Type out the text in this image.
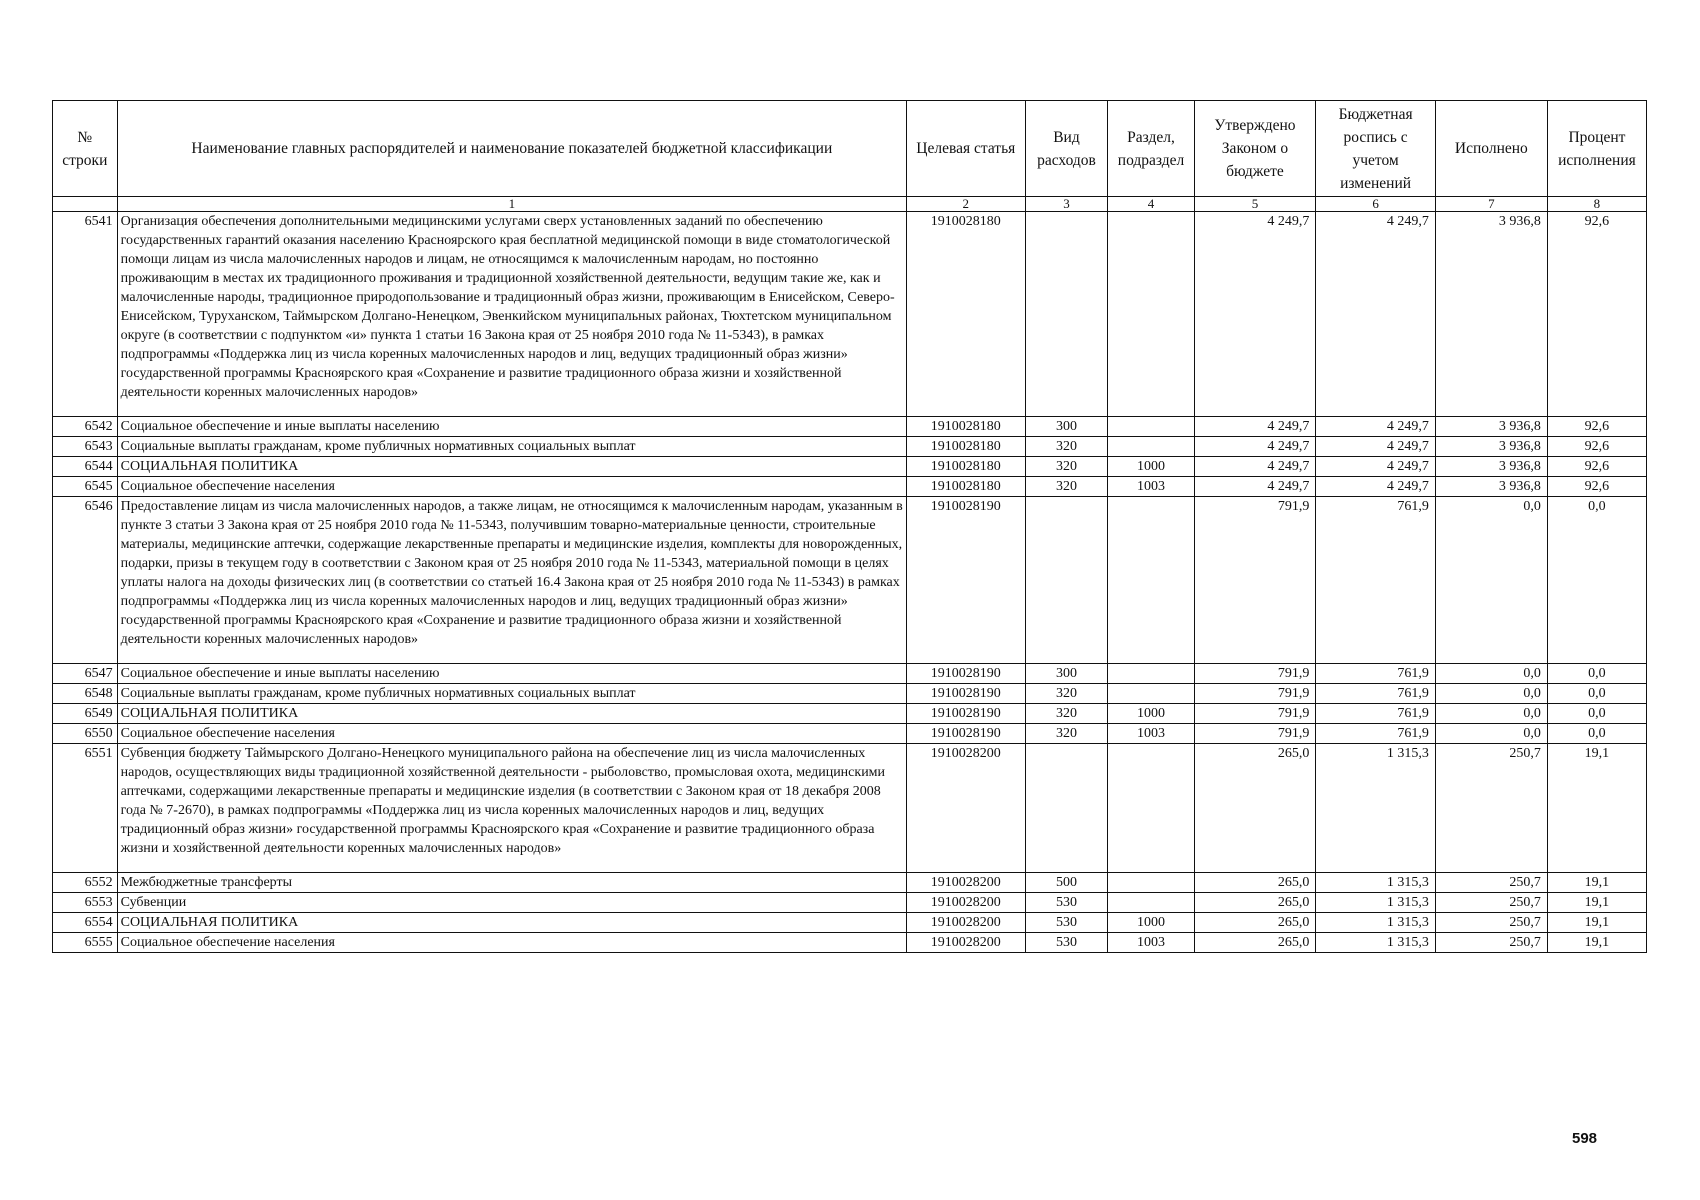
№ строки	Наименование главных распорядителей и наименование показателей бюджетной классификации	Целевая статья	Вид расходов	Раздел, подраздел	Утверждено Законом о бюджете	Бюджетная роспись с учетом изменений	Исполнено	Процент исполнения
	1	2	3	4	5	6	7	8
6541	Организация обеспечения дополнительными медицинскими услугами сверх установленных заданий по обеспечению государственных гарантий оказания населению Красноярского края бесплатной медицинской помощи в виде стоматологической помощи лицам из числа малочисленных народов и лицам, не относящимся к малочисленным народам, но постоянно проживающим в местах их традиционного проживания и традиционной хозяйственной деятельности, ведущим такие же, как и малочисленные народы, традиционное природопользование и традиционный образ жизни, проживающим в Енисейском, Северо-Енисейском, Туруханском, Таймырском Долгано-Ненецком, Эвенкийском муниципальных районах, Тюхтетском муниципальном округе (в соответствии с подпунктом «и» пункта 1 статьи 16 Закона края от 25 ноября 2010 года № 11-5343), в рамках подпрограммы «Поддержка лиц из числа коренных малочисленных народов и лиц, ведущих традиционный образ жизни» государственной программы Красноярского края «Сохранение и развитие традиционного образа жизни и хозяйственной деятельности коренных малочисленных народов»	1910028180			4 249,7	4 249,7	3 936,8	92,6
6542	Социальное обеспечение и иные выплаты населению	1910028180	300		4 249,7	4 249,7	3 936,8	92,6
6543	Социальные выплаты гражданам, кроме публичных нормативных социальных выплат	1910028180	320		4 249,7	4 249,7	3 936,8	92,6
6544	СОЦИАЛЬНАЯ ПОЛИТИКА	1910028180	320	1000	4 249,7	4 249,7	3 936,8	92,6
6545	Социальное обеспечение населения	1910028180	320	1003	4 249,7	4 249,7	3 936,8	92,6
6546	Предоставление лицам из числа малочисленных народов, а также лицам, не относящимся к малочисленным народам, указанным в пункте 3 статьи 3 Закона края от 25 ноября 2010 года № 11-5343, получившим товарно-материальные ценности, строительные материалы, медицинские аптечки, содержащие лекарственные препараты и медицинские изделия, комплекты для новорожденных, подарки, призы в текущем году в соответствии с Законом края от 25 ноября 2010 года № 11-5343, материальной помощи в целях уплаты налога на доходы физических лиц (в соответствии со статьей 16.4 Закона края от 25 ноября 2010 года № 11-5343) в рамках подпрограммы «Поддержка лиц из числа коренных малочисленных народов и лиц, ведущих традиционный образ жизни» государственной программы Красноярского края «Сохранение и развитие традиционного образа жизни и хозяйственной деятельности коренных малочисленных народов»	1910028190			791,9	761,9	0,0	0,0
6547	Социальное обеспечение и иные выплаты населению	1910028190	300		791,9	761,9	0,0	0,0
6548	Социальные выплаты гражданам, кроме публичных нормативных социальных выплат	1910028190	320		791,9	761,9	0,0	0,0
6549	СОЦИАЛЬНАЯ ПОЛИТИКА	1910028190	320	1000	791,9	761,9	0,0	0,0
6550	Социальное обеспечение населения	1910028190	320	1003	791,9	761,9	0,0	0,0
6551	Субвенция бюджету Таймырского Долгано-Ненецкого муниципального района на обеспечение лиц из числа малочисленных народов, осуществляющих виды традиционной хозяйственной деятельности - рыболовство, промысловая охота, медицинскими аптечками, содержащими лекарственные препараты и медицинские изделия (в соответствии с Законом края от 18 декабря 2008 года № 7-2670), в рамках подпрограммы «Поддержка лиц из числа коренных малочисленных народов и лиц, ведущих традиционный образ жизни» государственной программы Красноярского края «Сохранение и развитие традиционного образа жизни и хозяйственной деятельности коренных малочисленных народов»	1910028200			265,0	1 315,3	250,7	19,1
6552	Межбюджетные трансферты	1910028200	500		265,0	1 315,3	250,7	19,1
6553	Субвенции	1910028200	530		265,0	1 315,3	250,7	19,1
6554	СОЦИАЛЬНАЯ ПОЛИТИКА	1910028200	530	1000	265,0	1 315,3	250,7	19,1
6555	Социальное обеспечение населения	1910028200	530	1003	265,0	1 315,3	250,7	19,1
598
